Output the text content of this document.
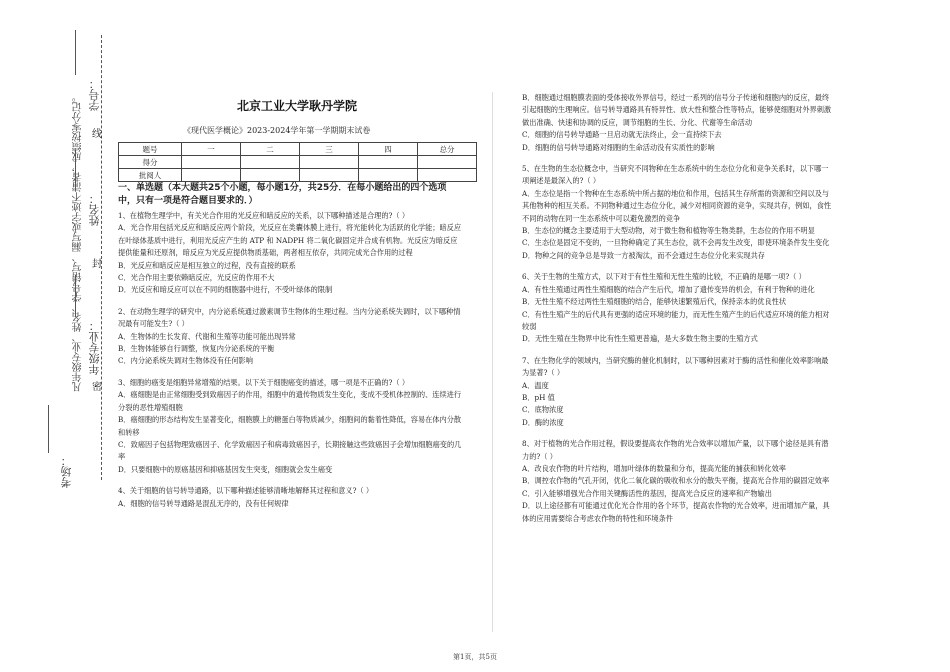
学号：
姓名：
年级专业：
考场：
凡年级专业、姓名、学号错写、漏写或字迹不清者，成绩按零分记。 线
封
密
北京工业大学耿丹学院
《现代医学概论》2023-2024学年第一学期期末试卷
题号	一	二	三	四	总分
得分					
批阅人					
一、单选题（本大题共25个小题，每小题1分，共25分．在每小题给出的四个选项中，只有一项是符合题目要求的．）

1、在植物生理学中，有关光合作用的光反应和暗反应的关系，以下哪种描述是合理的?（ ）

A．光合作用包括光反应和暗反应两个阶段，光反应在类囊体膜上进行，将光能转化为活跃的化学能；暗反应在叶绿体基质中进行，利用光反应产生的 ATP 和 NADPH 将二氧化碳固定并合成有机物。光反应为暗反应提供能量和还原剂，暗反应为光反应提供物质基础，两者相互依存，共同完成光合作用的过程

B．光反应和暗反应是相互独立的过程，没有直接的联系

C．光合作用主要依赖暗反应，光反应的作用不大

D．光反应和暗反应可以在不同的细胞器中进行，不受叶绿体的限制

2、在动物生理学的研究中，内分泌系统通过激素调节生物体的生理过程。当内分泌系统失调时，以下哪种情况最有可能发生?（ ）

A．生物体的生长发育、代谢和生殖等功能可能出现异常

B．生物体能够自行调整，恢复内分泌系统的平衡

C．内分泌系统失调对生物体没有任何影响

3、细胞的癌变是细胞异常增殖的结果。以下关于细胞癌变的描述，哪一项是不正确的?（ ）

A．癌细胞是由正常细胞受到致癌因子的作用，细胞中的遗传物质发生变化，变成不受机体控制的、连续进行分裂的恶性增殖细胞

B．癌细胞的形态结构发生显著变化，细胞膜上的糖蛋白等物质减少，细胞间的黏着性降低，容易在体内分散和转移

C．致癌因子包括物理致癌因子、化学致癌因子和病毒致癌因子，长期接触这些致癌因子会增加细胞癌变的几率

D．只要细胞中的原癌基因和抑癌基因发生突变，细胞就会发生癌变

4、关于细胞的信号转导通路，以下哪种描述能够清晰地解释其过程和意义?（ ）

A．细胞的信号转导通路是混乱无序的，没有任何规律

B．细胞通过细胞膜表面的受体接收外界信号，经过一系列的信号分子传递和细胞内的反应，最终引起细胞的生理响应。信号转导通路具有特异性、放大性和整合性等特点，能够使细胞对外界刺激做出准确、快速和协调的反应，调节细胞的生长、分化、代谢等生命活动

C．细胞的信号转导通路一旦启动就无法终止，会一直持续下去

D．细胞的信号转导通路对细胞的生命活动没有实质性的影响

5、在生物的生态位概念中，当研究不同物种在生态系统中的生态位分化和竞争关系时，以下哪一项阐述是最深入的?（ ）

A．生态位是指一个物种在生态系统中所占据的地位和作用，包括其生存所需的资源和空间以及与其他物种的相互关系。不同物种通过生态位分化，减少对相同资源的竞争，实现共存，例如，食性不同的动物在同一生态系统中可以避免激烈的竞争

B．生态位的概念主要适用于大型动物，对于微生物和植物等生物类群，生态位的作用不明显

C．生态位是固定不变的，一旦物种确定了其生态位，就不会再发生改变，即使环境条件发生变化

D．物种之间的竞争总是导致一方被淘汰，而不会通过生态位分化来实现共存

6、关于生物的生殖方式，以下对于有性生殖和无性生殖的比较，不正确的是哪一项?（ ）

A．有性生殖通过两性生殖细胞的结合产生后代，增加了遗传变异的机会，有利于物种的进化

B．无性生殖不经过两性生殖细胞的结合，能够快速繁殖后代，保持亲本的优良性状

C．有性生殖产生的后代具有更强的适应环境的能力，而无性生殖产生的后代适应环境的能力相对较弱

D．无性生殖在生物界中比有性生殖更普遍，是大多数生物主要的生殖方式

7、在生物化学的领域内，当研究酶的催化机制时，以下哪种因素对于酶的活性和催化效率影响最为显著?（ ）

A．温度

B．pH 值

C．底物浓度

D．酶的浓度

8、对于植物的光合作用过程，假设要提高农作物的光合效率以增加产量，以下哪个途径是具有潜力的?（ ）

A．改良农作物的叶片结构，增加叶绿体的数量和分布，提高光能的捕获和转化效率

B．调控农作物的气孔开闭，优化二氧化碳的吸收和水分的散失平衡，提高光合作用的碳固定效率

C．引入能够增强光合作用关键酶活性的基因，提高光合反应的速率和产物输出

D．以上途径都有可能通过优化光合作用的各个环节，提高农作物的光合效率，进而增加产量，具体的应用需要综合考虑农作物的特性和环境条件

第1页，共5页
